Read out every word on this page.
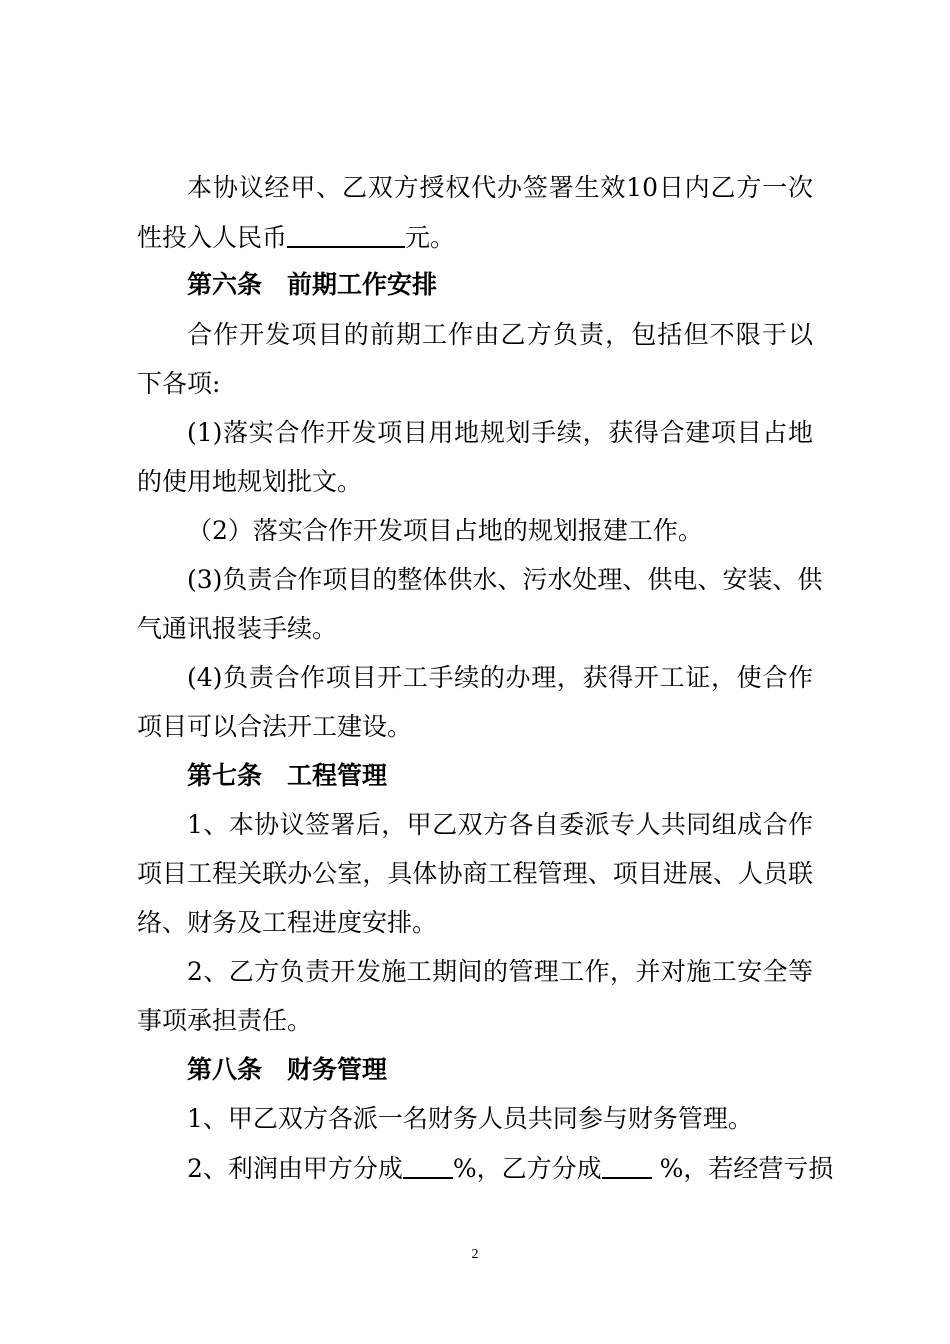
本协议经甲、乙双方授权代办签署生效10日内乙方一次
性投入人民币	元。
第六条　前期工作安排
合作开发项目的前期工作由乙方负责，包括但不限于以
下各项:
(1)落实合作开发项目用地规划手续，获得合建项目占地
的使用地规划批文。
（2）落实合作开发项目占地的规划报建工作。
(3)负责合作项目的整体供水、污水处理、供电、安装、供
气通讯报装手续。
(4)负责合作项目开工手续的办理，获得开工证，使合作
项目可以合法开工建设。
第七条　工程管理
1、本协议签署后，甲乙双方各自委派专人共同组成合作
项目工程关联办公室，具体协商工程管理、项目进展、人员联
络、财务及工程进度安排。
2、乙方负责开发施工期间的管理工作，并对施工安全等
事项承担责任。
第八条　财务管理
1、甲乙双方各派一名财务人员共同参与财务管理。
2、利润由甲方分成 %，乙方分成 %，若经营亏损
2
